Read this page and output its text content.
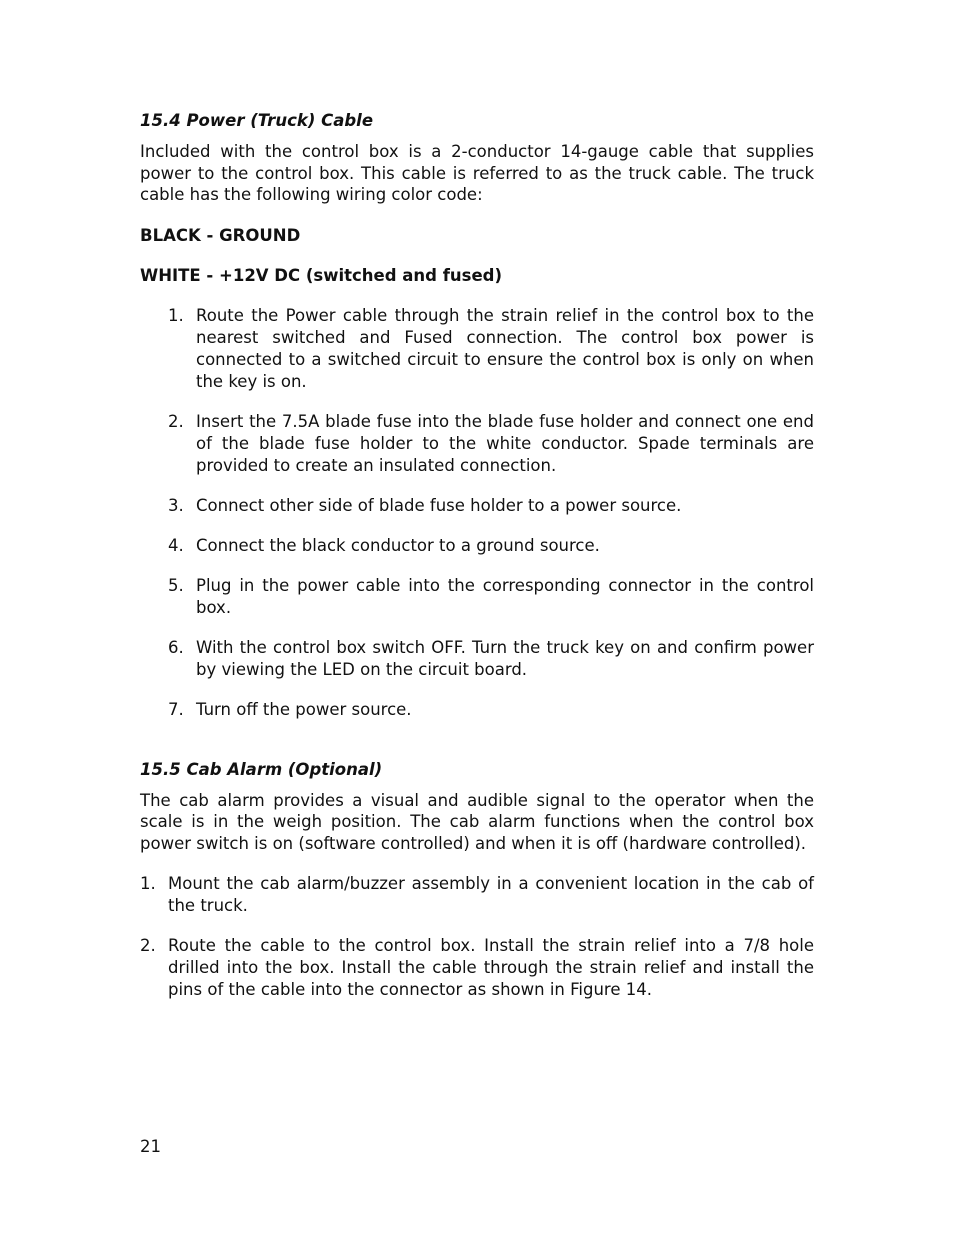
15.4 Power (Truck) Cable
Included with the control box is a 2-conductor 14-gauge cable that supplies power to the control box. This cable is referred to as the truck cable. The truck cable has the following wiring color code:
BLACK - GROUND
WHITE - +12V DC (switched and fused)
1. Route the Power cable through the strain relief in the control box to the nearest switched and Fused connection. The control box power is connected to a switched circuit to ensure the control box is only on when the key is on.
2. Insert the 7.5A blade fuse into the blade fuse holder and connect one end of the blade fuse holder to the white conductor. Spade terminals are provided to create an insulated connection.
3. Connect other side of blade fuse holder to a power source.
4. Connect the black conductor to a ground source.
5. Plug in the power cable into the corresponding connector in the control box.
6. With the control box switch OFF. Turn the truck key on and confirm power by viewing the LED on the circuit board.
7. Turn off the power source.
15.5 Cab Alarm (Optional)
The cab alarm provides a visual and audible signal to the operator when the scale is in the weigh position. The cab alarm functions when the control box power switch is on (software controlled) and when it is off (hardware controlled).
1. Mount the cab alarm/buzzer assembly in a convenient location in the cab of the truck.
2. Route the cable to the control box. Install the strain relief into a 7/8 hole drilled into the box. Install the cable through the strain relief and install the pins of the cable into the connector as shown in Figure 14.
21
